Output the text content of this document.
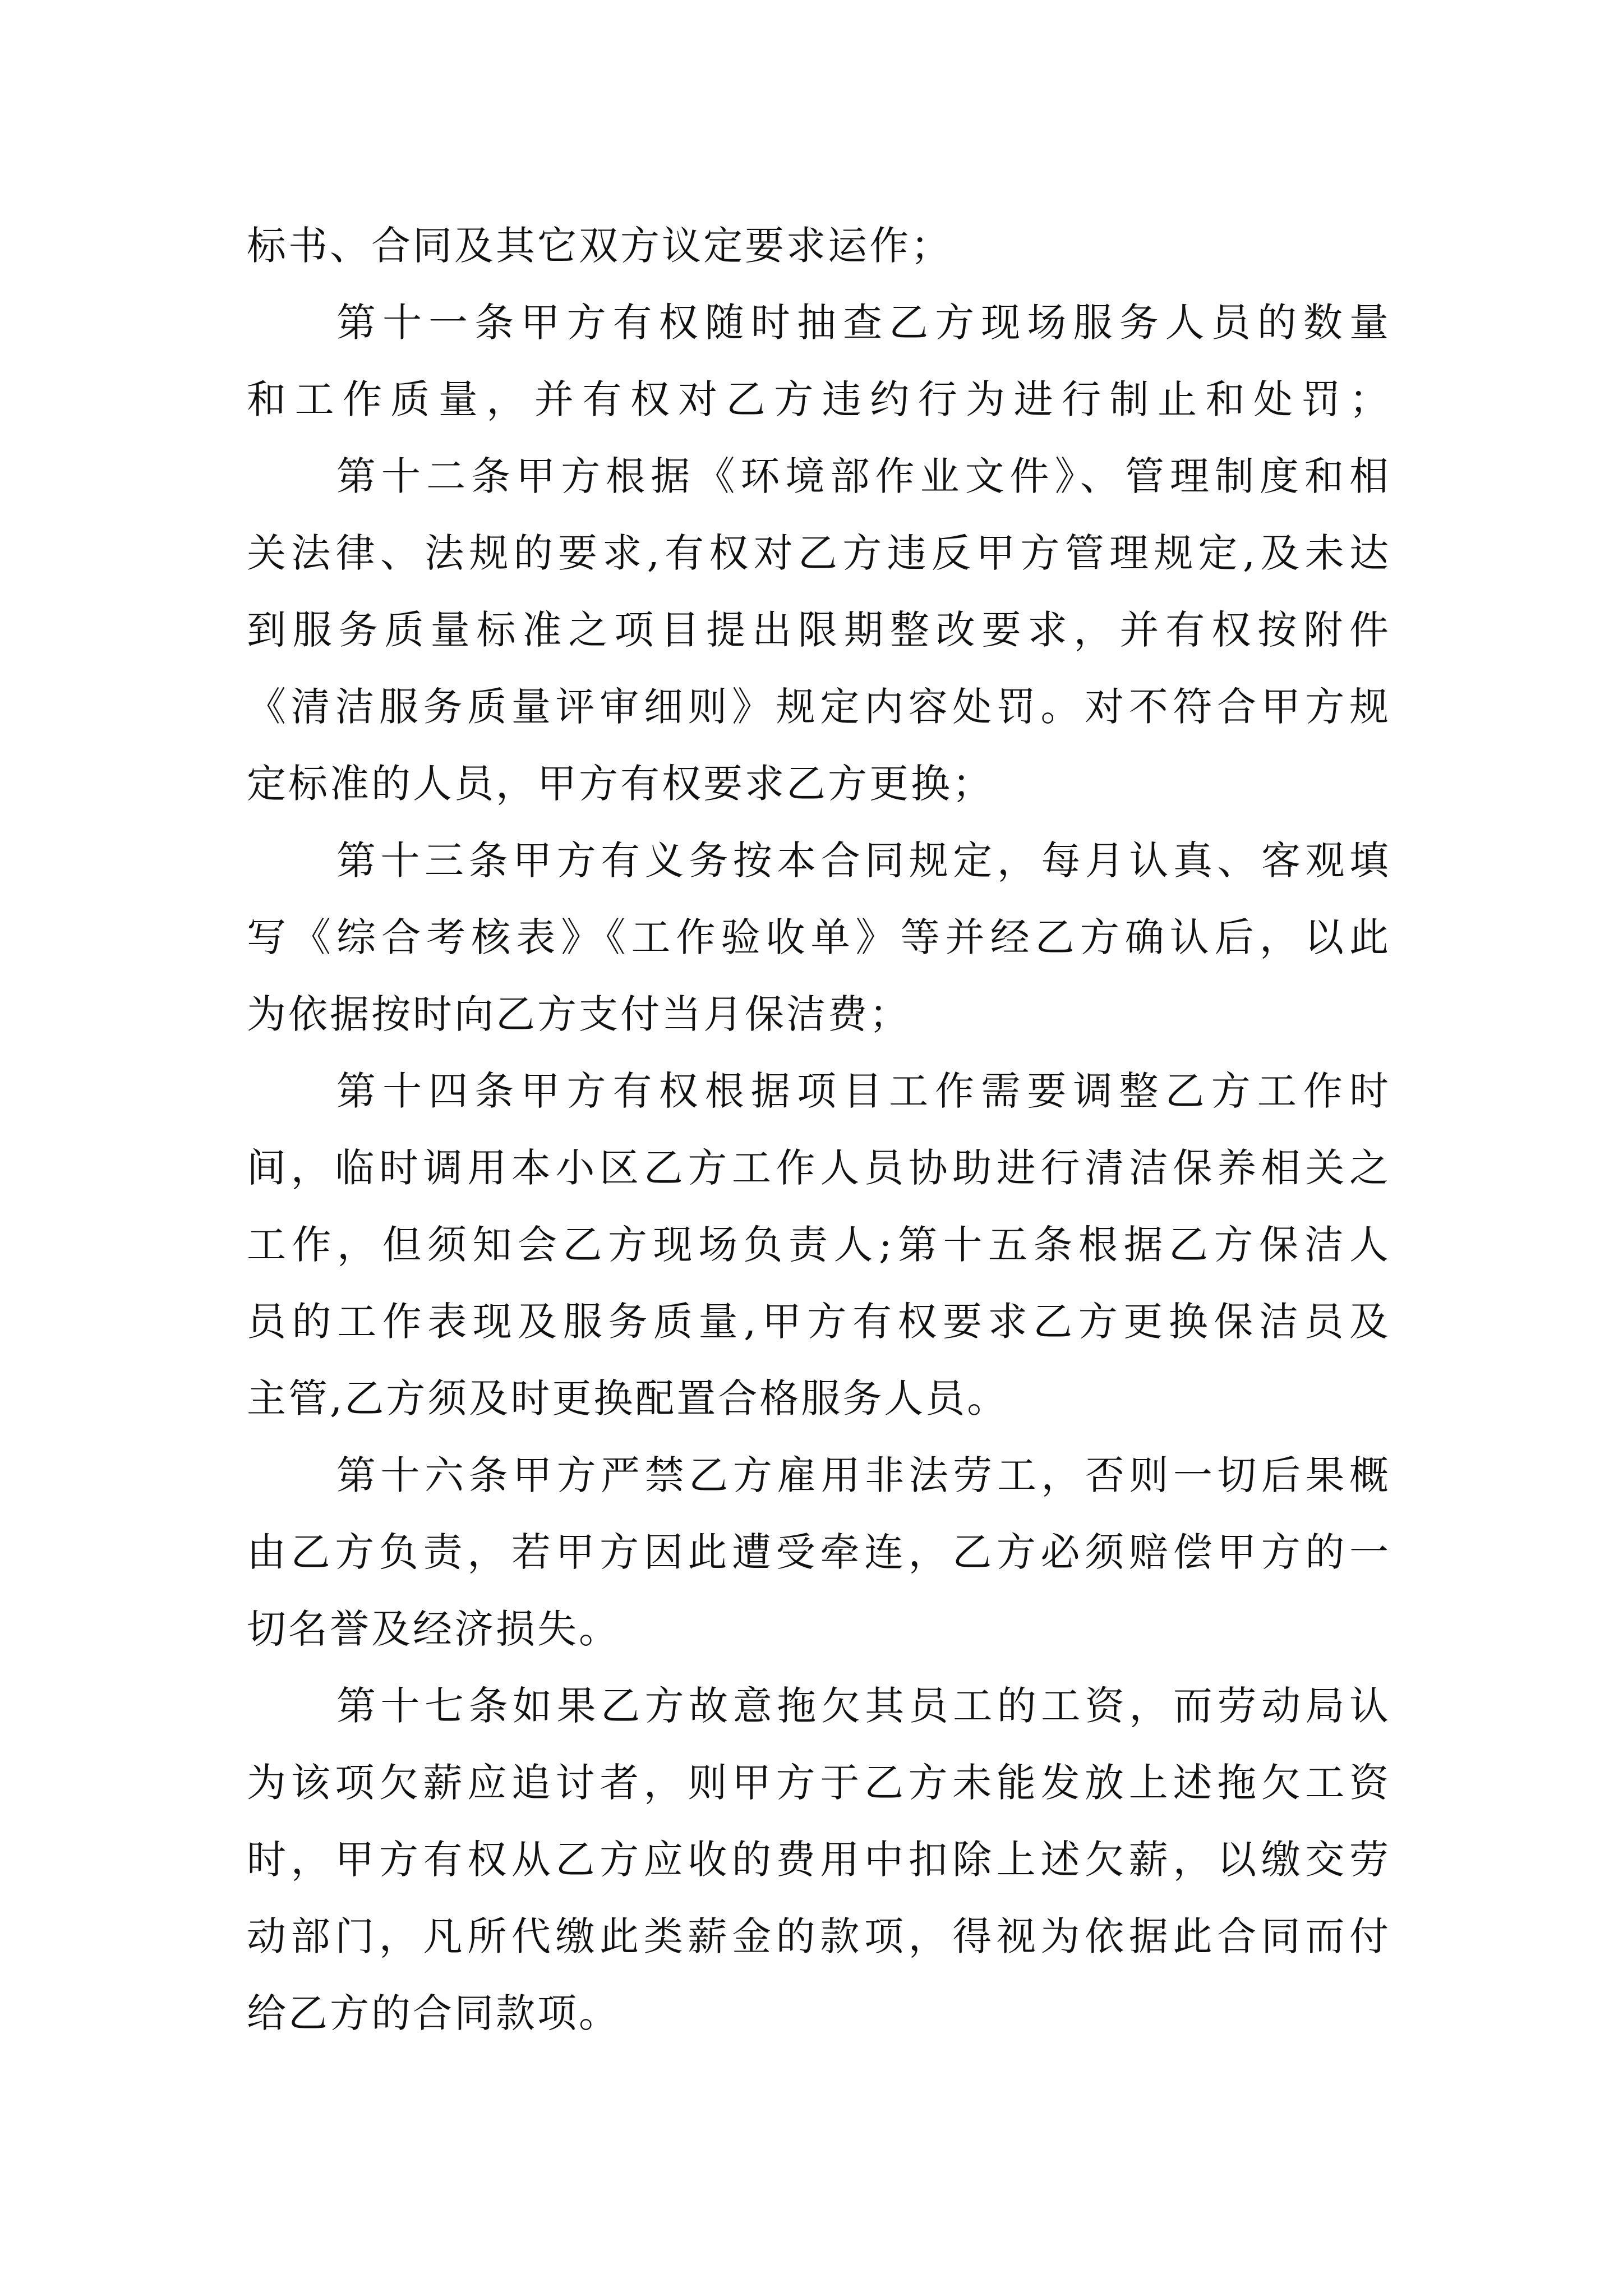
标书、合同及其它双方议定要求运作；
第十一条甲方有权随时抽查乙方现场服务人员的数量
和工作质量，并有权对乙方违约行为进行制止和处罚；
第十二条甲方根据《环境部作业文件》、管理制度和相
关法律、法规的要求,有权对乙方违反甲方管理规定,及未达
到服务质量标准之项目提出限期整改要求，并有权按附件
《清洁服务质量评审细则》规定内容处罚。对不符合甲方规
定标准的人员，甲方有权要求乙方更换；
第十三条甲方有义务按本合同规定，每月认真、客观填
写《综合考核表》《工作验收单》等并经乙方确认后，以此
为依据按时向乙方支付当月保洁费；
第十四条甲方有权根据项目工作需要调整乙方工作时
间，临时调用本小区乙方工作人员协助进行清洁保养相关之
工作，但须知会乙方现场负责人;第十五条根据乙方保洁人
员的工作表现及服务质量,甲方有权要求乙方更换保洁员及
主管,乙方须及时更换配置合格服务人员。
第十六条甲方严禁乙方雇用非法劳工，否则一切后果概
由乙方负责，若甲方因此遭受牵连，乙方必须赔偿甲方的一
切名誉及经济损失。
第十七条如果乙方故意拖欠其员工的工资，而劳动局认
为该项欠薪应追讨者，则甲方于乙方未能发放上述拖欠工资
时，甲方有权从乙方应收的费用中扣除上述欠薪，以缴交劳
动部门，凡所代缴此类薪金的款项，得视为依据此合同而付
给乙方的合同款项。
